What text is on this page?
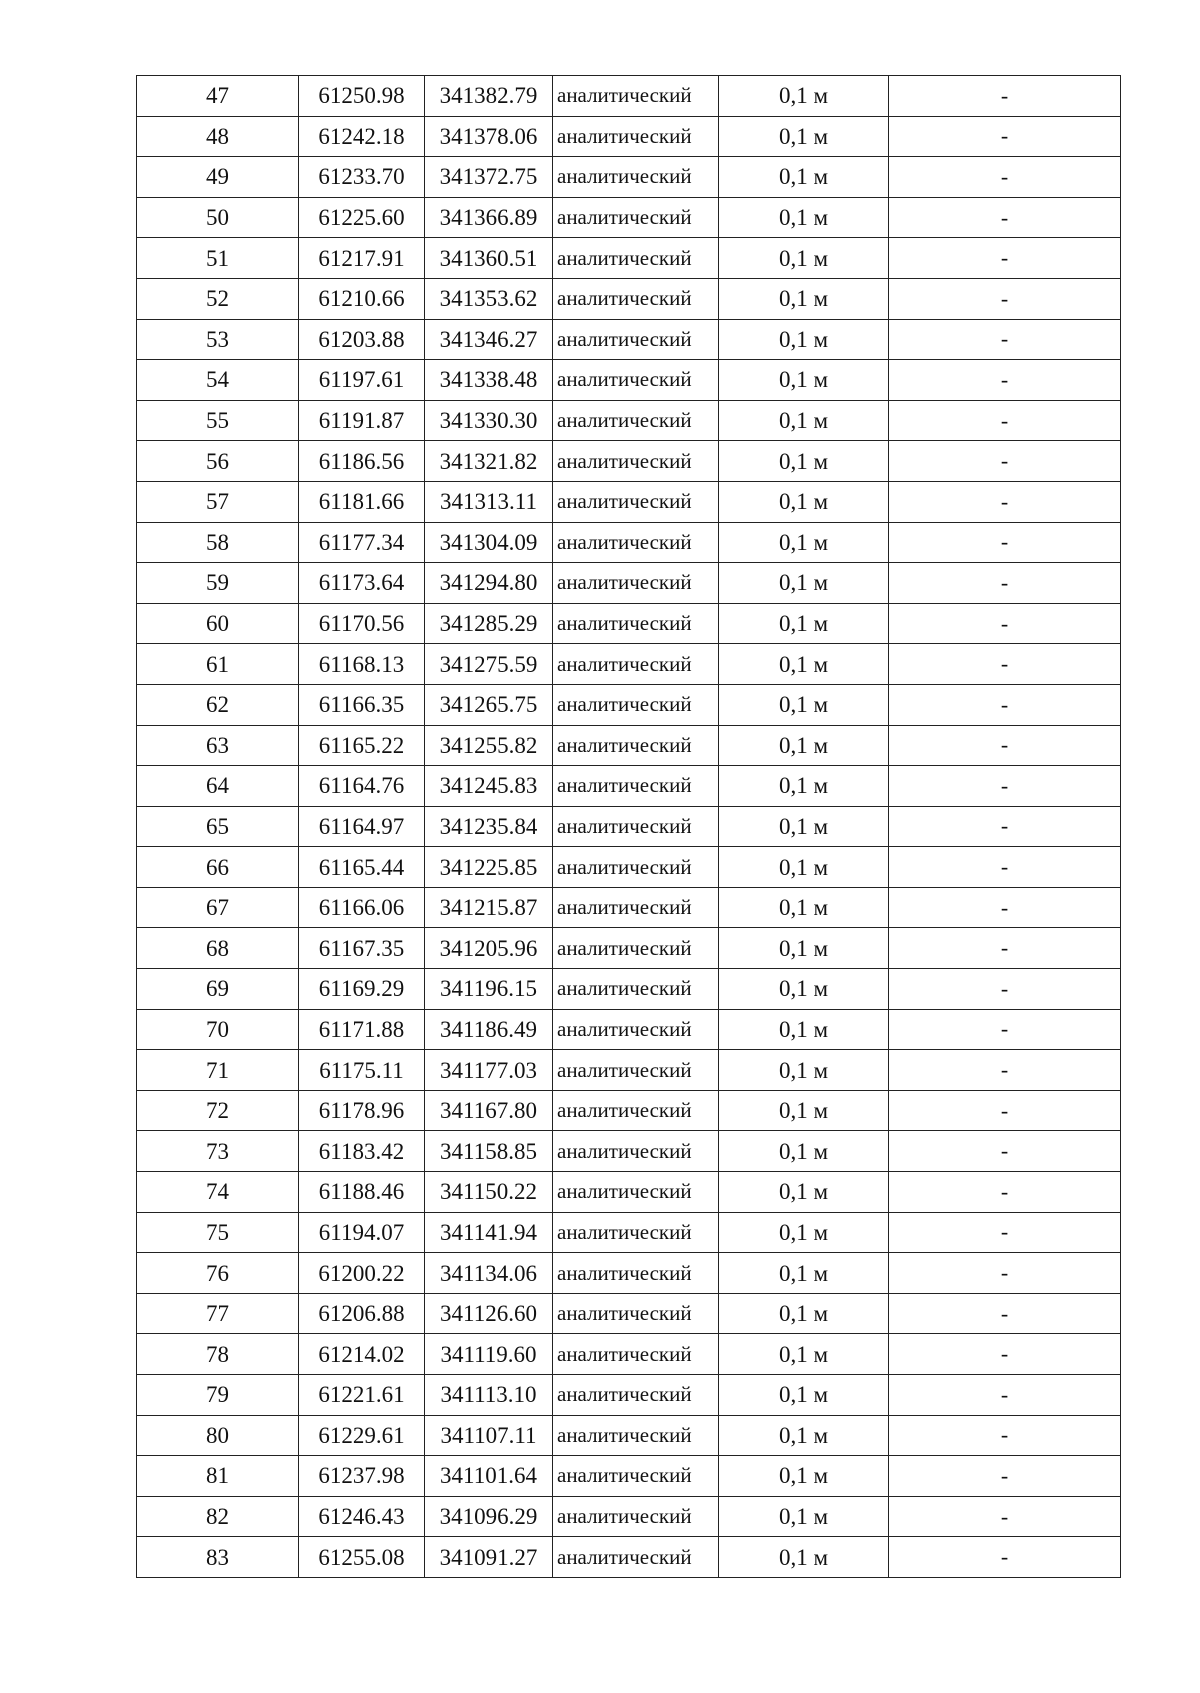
47	61250.98	341382.79	аналитический	0,1 м	-
48	61242.18	341378.06	аналитический	0,1 м	-
49	61233.70	341372.75	аналитический	0,1 м	-
50	61225.60	341366.89	аналитический	0,1 м	-
51	61217.91	341360.51	аналитический	0,1 м	-
52	61210.66	341353.62	аналитический	0,1 м	-
53	61203.88	341346.27	аналитический	0,1 м	-
54	61197.61	341338.48	аналитический	0,1 м	-
55	61191.87	341330.30	аналитический	0,1 м	-
56	61186.56	341321.82	аналитический	0,1 м	-
57	61181.66	341313.11	аналитический	0,1 м	-
58	61177.34	341304.09	аналитический	0,1 м	-
59	61173.64	341294.80	аналитический	0,1 м	-
60	61170.56	341285.29	аналитический	0,1 м	-
61	61168.13	341275.59	аналитический	0,1 м	-
62	61166.35	341265.75	аналитический	0,1 м	-
63	61165.22	341255.82	аналитический	0,1 м	-
64	61164.76	341245.83	аналитический	0,1 м	-
65	61164.97	341235.84	аналитический	0,1 м	-
66	61165.44	341225.85	аналитический	0,1 м	-
67	61166.06	341215.87	аналитический	0,1 м	-
68	61167.35	341205.96	аналитический	0,1 м	-
69	61169.29	341196.15	аналитический	0,1 м	-
70	61171.88	341186.49	аналитический	0,1 м	-
71	61175.11	341177.03	аналитический	0,1 м	-
72	61178.96	341167.80	аналитический	0,1 м	-
73	61183.42	341158.85	аналитический	0,1 м	-
74	61188.46	341150.22	аналитический	0,1 м	-
75	61194.07	341141.94	аналитический	0,1 м	-
76	61200.22	341134.06	аналитический	0,1 м	-
77	61206.88	341126.60	аналитический	0,1 м	-
78	61214.02	341119.60	аналитический	0,1 м	-
79	61221.61	341113.10	аналитический	0,1 м	-
80	61229.61	341107.11	аналитический	0,1 м	-
81	61237.98	341101.64	аналитический	0,1 м	-
82	61246.43	341096.29	аналитический	0,1 м	-
83	61255.08	341091.27	аналитический	0,1 м	-
